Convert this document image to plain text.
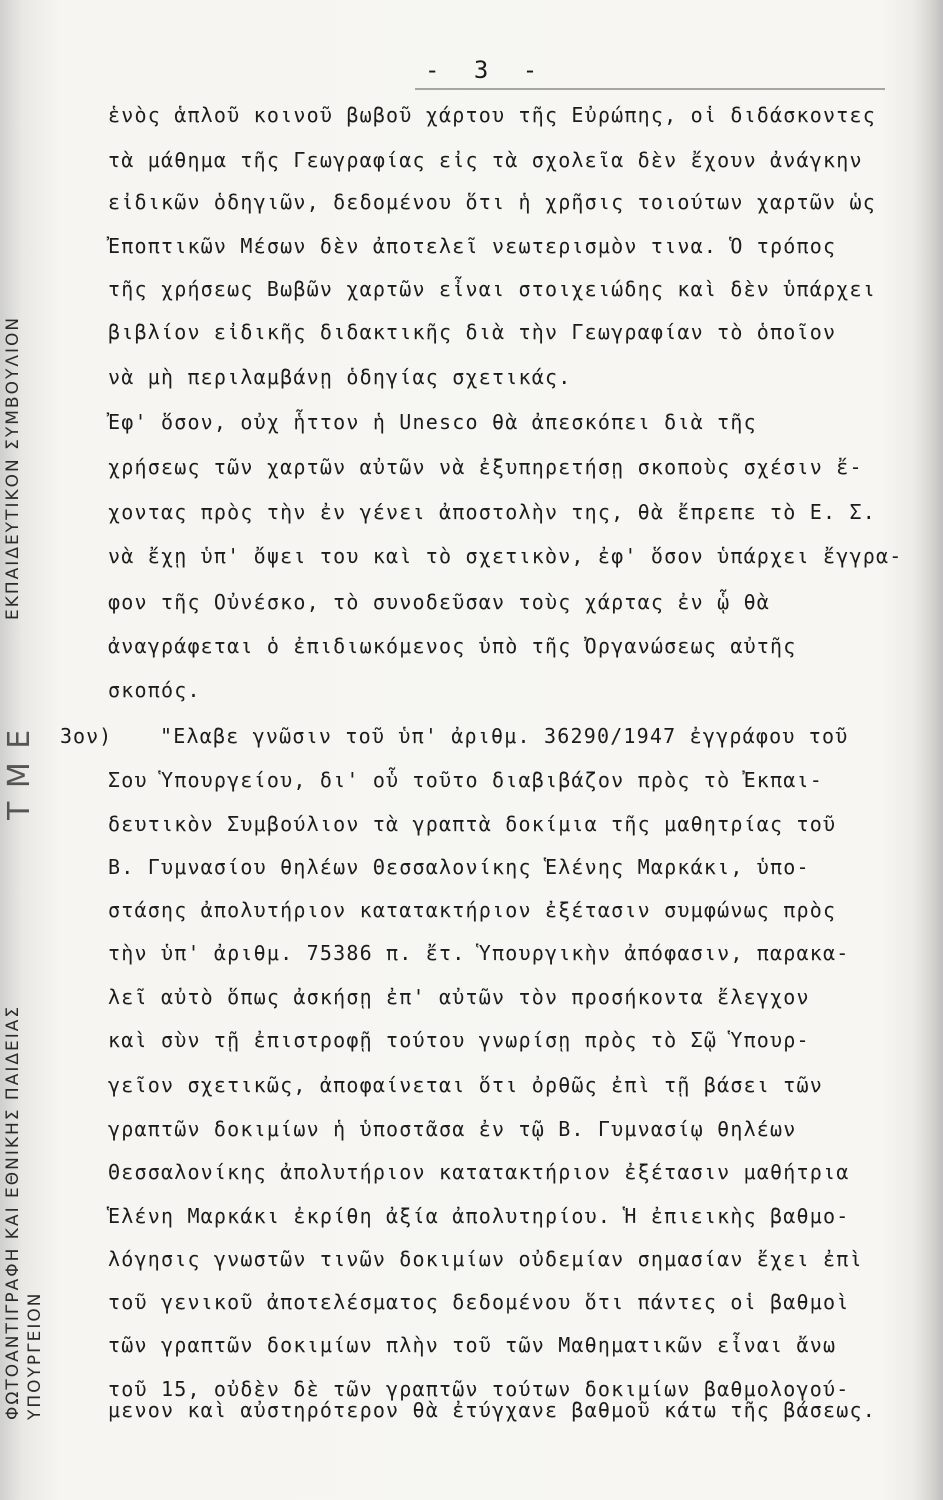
ΦΩΤΟΑΝΤΙΓΡΑΦΗ ΚΑΙ ΕΘΝΙΚΗΣ ΠΑΙΔΕΙΑΣ ΥΠΟΥΡΓΕΙΟΝ
Τ Μ Ε
ΕΚΠΑΙΔΕΥΤΙΚΟΝ ΣΥΜΒΟΥΛΙΟΝ
- 3 -
ἑνὸς ἁπλοῦ κοινοῦ βωβοῦ χάρτου τῆς Εὐρώπης, οἱ διδάσκοντες
τὰ μάθημα τῆς Γεωγραφίας εἰς τὰ σχολεῖα δὲν ἔχουν ἀνάγκην
εἰδικῶν ὁδηγιῶν, δεδομένου ὅτι ἡ χρῆσις τοιούτων χαρτῶν ὡς
Ἐποπτικῶν Μέσων δὲν ἀποτελεῖ νεωτερισμὸν τινα. Ὁ τρόπος
τῆς χρήσεως Βωβῶν χαρτῶν εἶναι στοιχειώδης καὶ δὲν ὑπάρχει
βιβλίον εἰδικῆς διδακτικῆς διὰ τὴν Γεωγραφίαν τὸ ὁποῖον
νὰ μὴ περιλαμβάνῃ ὁδηγίας σχετικάς.
Ἐφ' ὅσον, οὐχ ἧττον ἡ Unesco θὰ ἀπεσκόπει διὰ τῆς
χρήσεως τῶν χαρτῶν αὐτῶν νὰ ἐξυπηρετήσῃ σκοποὺς σχέσιν ἔ-
χοντας πρὸς τὴν ἐν γένει ἀποστολὴν της, θὰ ἔπρεπε τὸ Ε. Σ.
νὰ ἔχῃ ὑπ' ὄψει του καὶ τὸ σχετικὸν, ἐφ' ὅσον ὑπάρχει ἔγγρα-
φον τῆς Οὐνέσκο, τὸ συνοδεῦσαν τοὺς χάρτας ἐν ᾧ θὰ
ἀναγράφεται ὁ ἐπιδιωκόμενος ὑπὸ τῆς Ὀργανώσεως αὐτῆς
σκοπός.
3ον) "Ελαβε γνῶσιν τοῦ ὑπ' ἀριθμ. 36290/1947 ἐγγράφου τοῦ
Σου Ὑπουργείου, δι' οὗ τοῦτο διαβιβάζον πρὸς τὸ Ἐκπαι-
δευτικὸν Συμβούλιον τὰ γραπτὰ δοκίμια τῆς μαθητρίας τοῦ
Β. Γυμνασίου θηλέων Θεσσαλονίκης Ἑλένης Μαρκάκι, ὑπο-
στάσης ἀπολυτήριον κατατακτήριον ἐξέτασιν συμφώνως πρὸς
τὴν ὑπ' ἀριθμ. 75386 π. ἔτ. Ὑπουργικὴν ἀπόφασιν, παρακα-
λεῖ αὐτὸ ὅπως ἀσκήσῃ ἐπ' αὐτῶν τὸν προσήκοντα ἔλεγχον
καὶ σὺν τῇ ἐπιστροφῇ τούτου γνωρίσῃ πρὸς τὸ Σῷ Ὑπουρ-
γεῖον σχετικῶς, ἀποφαίνεται ὅτι ὀρθῶς ἐπὶ τῇ βάσει τῶν
γραπτῶν δοκιμίων ἡ ὑποστᾶσα ἐν τῷ Β. Γυμνασίῳ θηλέων
Θεσσαλονίκης ἀπολυτήριον κατατακτήριον ἐξέτασιν μαθήτρια
Ἑλένη Μαρκάκι ἐκρίθη ἀξία ἀπολυτηρίου. Ἡ ἐπιεικὴς βαθμο-
λόγησις γνωστῶν τινῶν δοκιμίων οὐδεμίαν σημασίαν ἔχει ἐπὶ
τοῦ γενικοῦ ἀποτελέσματος δεδομένου ὅτι πάντες οἱ βαθμοὶ
τῶν γραπτῶν δοκιμίων πλὴν τοῦ τῶν Μαθηματικῶν εἶναι ἄνω
τοῦ 15, οὐδὲν δὲ τῶν γραπτῶν τούτων δοκιμίων βαθμολογού-
μενον καὶ αὐστηρότερον θὰ ἐτύγχανε βαθμοῦ κάτω τῆς βάσεως.
